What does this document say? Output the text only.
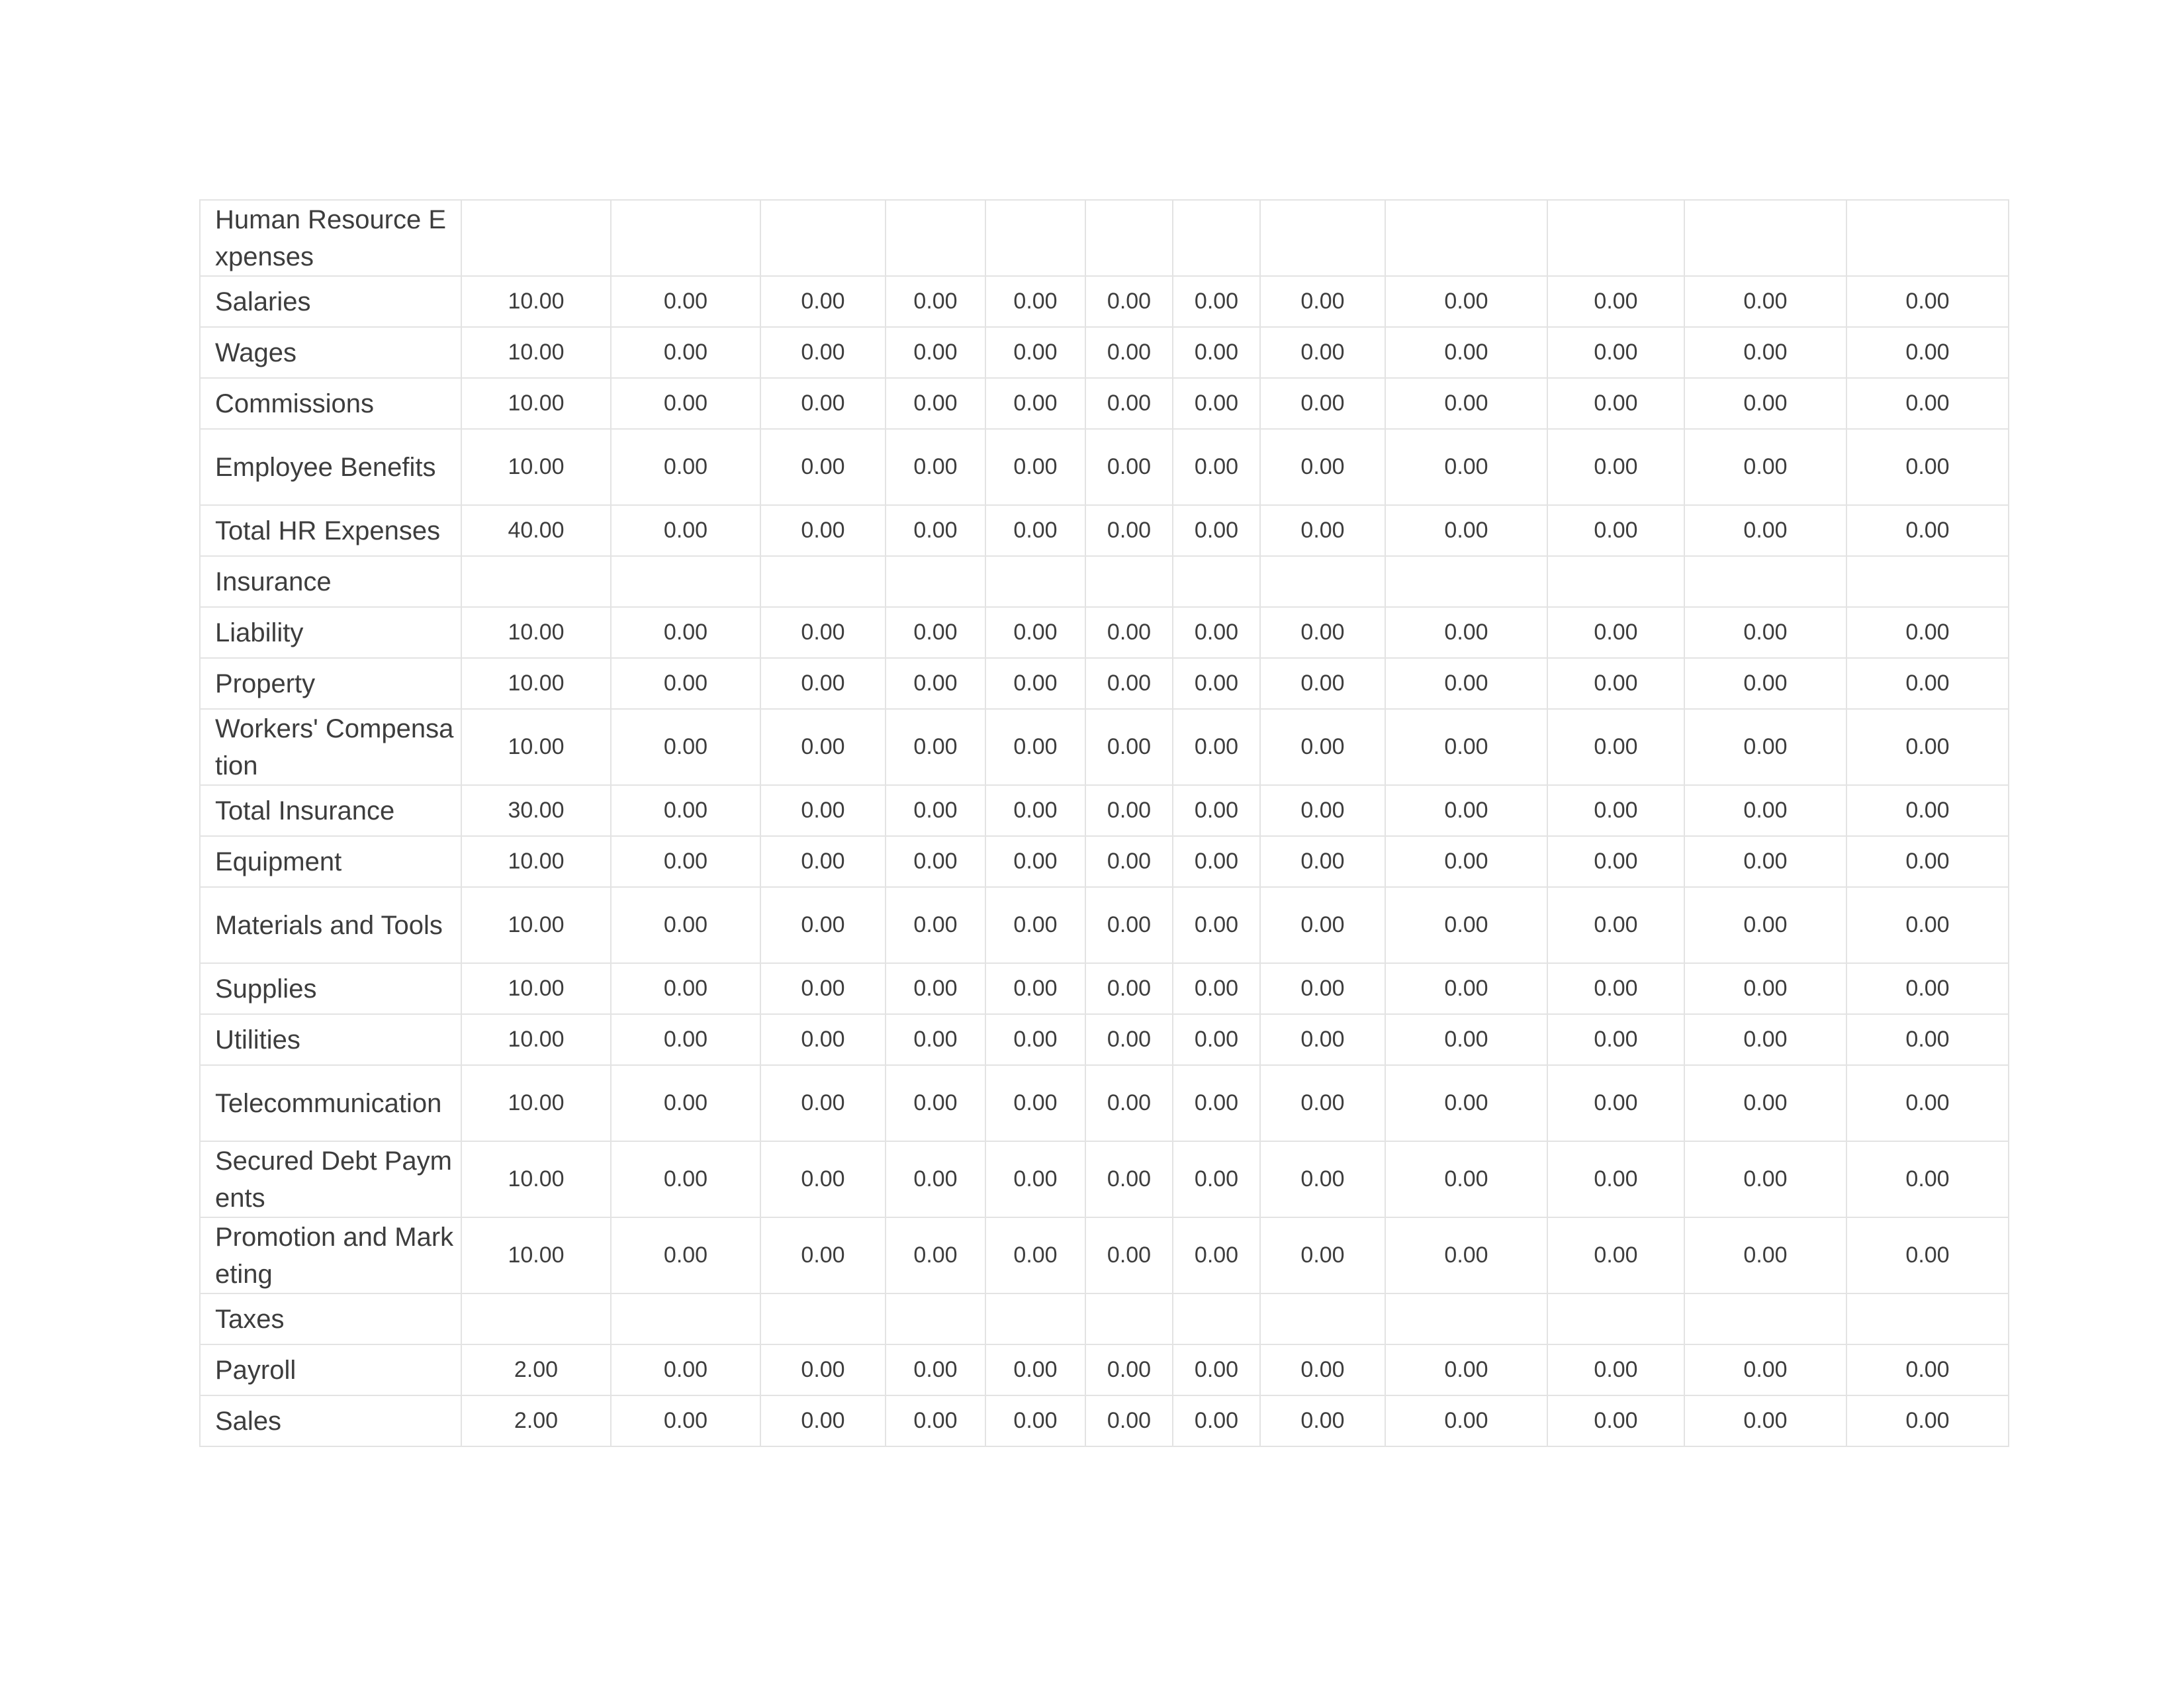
Human Resource Expenses												
Salaries	10.00	0.00	0.00	0.00	0.00	0.00	0.00	0.00	0.00	0.00	0.00	0.00
Wages	10.00	0.00	0.00	0.00	0.00	0.00	0.00	0.00	0.00	0.00	0.00	0.00
Commissions	10.00	0.00	0.00	0.00	0.00	0.00	0.00	0.00	0.00	0.00	0.00	0.00
Employee Benefits	10.00	0.00	0.00	0.00	0.00	0.00	0.00	0.00	0.00	0.00	0.00	0.00
Total HR Expenses	40.00	0.00	0.00	0.00	0.00	0.00	0.00	0.00	0.00	0.00	0.00	0.00
Insurance												
Liability	10.00	0.00	0.00	0.00	0.00	0.00	0.00	0.00	0.00	0.00	0.00	0.00
Property	10.00	0.00	0.00	0.00	0.00	0.00	0.00	0.00	0.00	0.00	0.00	0.00
Workers' Compensation	10.00	0.00	0.00	0.00	0.00	0.00	0.00	0.00	0.00	0.00	0.00	0.00
Total Insurance	30.00	0.00	0.00	0.00	0.00	0.00	0.00	0.00	0.00	0.00	0.00	0.00
Equipment	10.00	0.00	0.00	0.00	0.00	0.00	0.00	0.00	0.00	0.00	0.00	0.00
Materials and Tools	10.00	0.00	0.00	0.00	0.00	0.00	0.00	0.00	0.00	0.00	0.00	0.00
Supplies	10.00	0.00	0.00	0.00	0.00	0.00	0.00	0.00	0.00	0.00	0.00	0.00
Utilities	10.00	0.00	0.00	0.00	0.00	0.00	0.00	0.00	0.00	0.00	0.00	0.00
Telecommunication	10.00	0.00	0.00	0.00	0.00	0.00	0.00	0.00	0.00	0.00	0.00	0.00
Secured Debt Payments	10.00	0.00	0.00	0.00	0.00	0.00	0.00	0.00	0.00	0.00	0.00	0.00
Promotion and Marketing	10.00	0.00	0.00	0.00	0.00	0.00	0.00	0.00	0.00	0.00	0.00	0.00
Taxes												
Payroll	2.00	0.00	0.00	0.00	0.00	0.00	0.00	0.00	0.00	0.00	0.00	0.00
Sales	2.00	0.00	0.00	0.00	0.00	0.00	0.00	0.00	0.00	0.00	0.00	0.00
